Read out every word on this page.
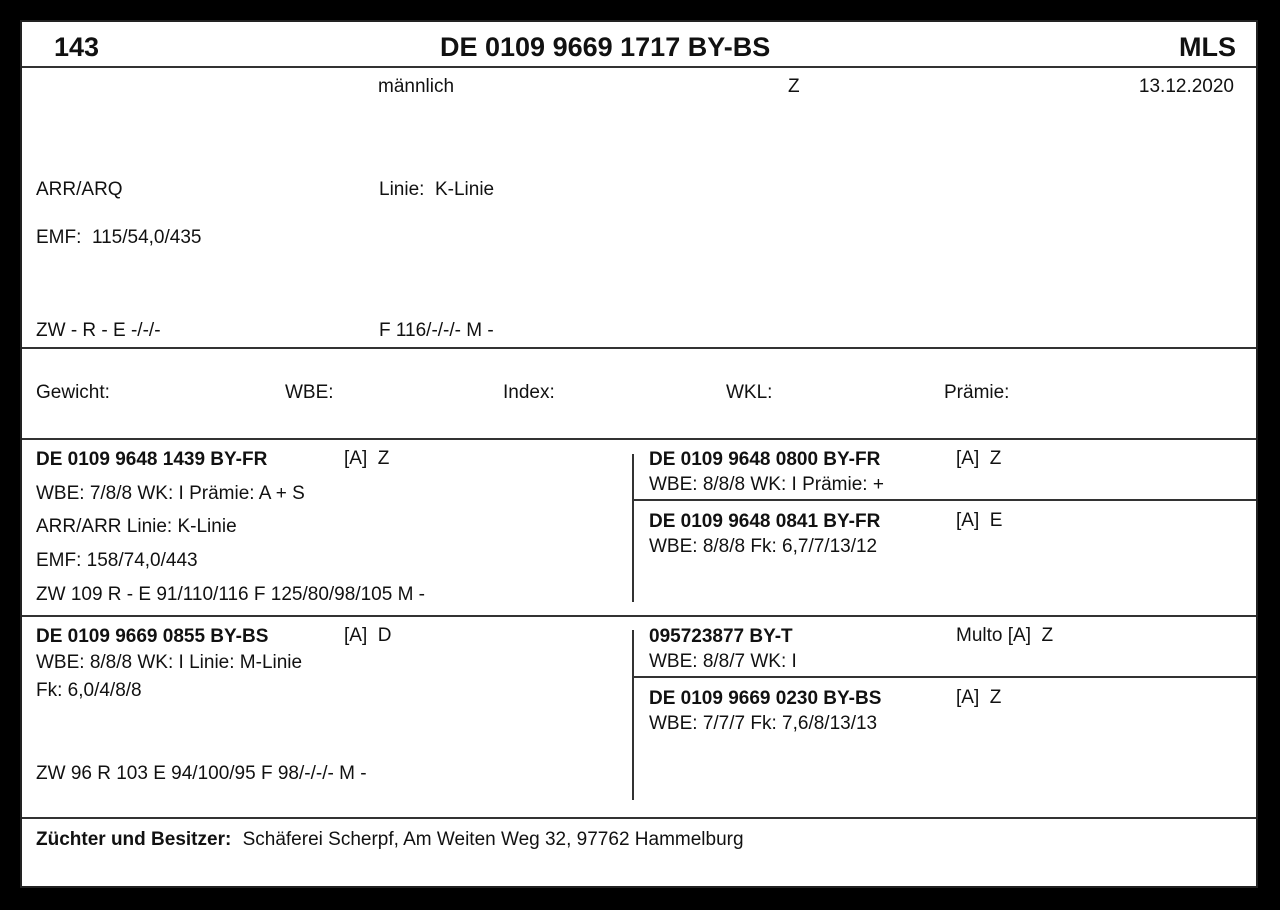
143	DE 0109 9669 1717 BY-BS	MLS
männlich	Z	13.12.2020
ARR/ARQ	Linie:  K-Linie
EMF:  115/54,0/435
ZW - R - E -/-/-	F 116/-/-/- M -
Gewicht:	WBE:	Index:	WKL:	Prämie:
DE 0109 9648 1439 BY-FR	[A]  Z
WBE: 7/8/8 WK: I Prämie: A + S
ARR/ARR Linie: K-Linie
EMF: 158/74,0/443
ZW 109 R - E 91/110/116 F 125/80/98/105 M -
DE 0109 9648 0800 BY-FR	[A]  Z
WBE: 8/8/8 WK: I Prämie: +
DE 0109 9648 0841 BY-FR	[A]  E
WBE: 8/8/8 Fk: 6,7/7/13/12
DE 0109 9669 0855 BY-BS	[A]  D
WBE: 8/8/8 WK: I Linie: M-Linie
Fk: 6,0/4/8/8
ZW 96 R 103 E 94/100/95 F 98/-/-/- M -
095723877 BY-T	Multo [A]  Z
WBE: 8/8/7 WK: I
DE 0109 9669 0230 BY-BS	[A]  Z
WBE: 7/7/7 Fk: 7,6/8/13/13
Züchter und Besitzer: Schäferei Scherpf, Am Weiten Weg 32, 97762 Hammelburg
